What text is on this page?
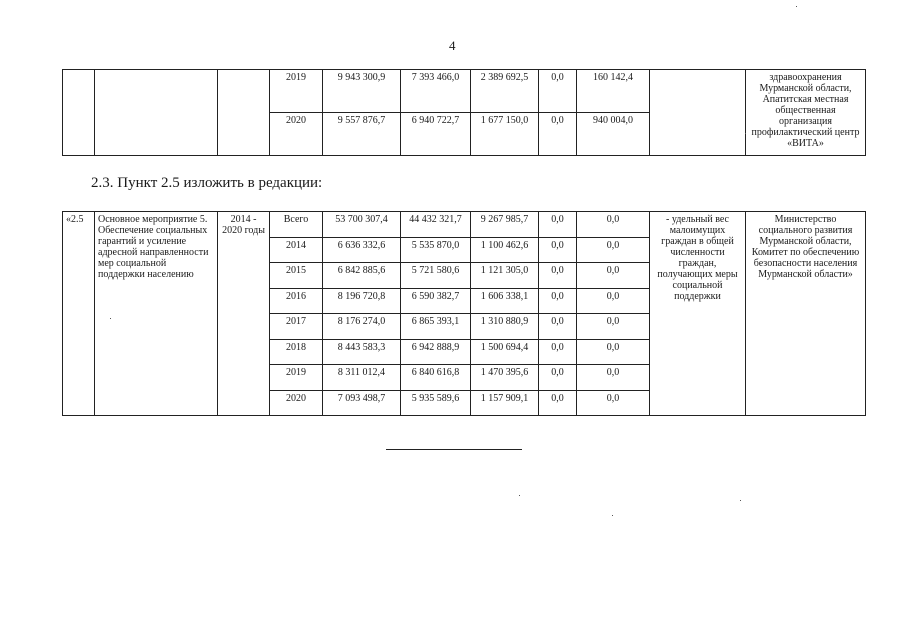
4
			2019	9 943 300,9	7 393 466,0	2 389 692,5	0,0	160 142,4		здравоохранения Мурманской области, Апатитская местная общественная организация профилактический центр «ВИТА»
			2020	9 557 876,7	6 940 722,7	1 677 150,0	0,0	940 004,0		
2.3. Пункт 2.5 изложить в редакции:
«2.5	Основное мероприятие 5. Обеспечение социальных гарантий и усиление адресной направленности мер социальной поддержки населению	2014 - 2020 годы	Всего	53 700 307,4	44 432 321,7	9 267 985,7	0,0	0,0	- удельный вес малоимущих граждан в общей численности граждан, получающих меры социальной поддержки	Министерство социального развития Мурманской области, Комитет по обеспечению безопасности населения Мурманской области»
			2014	6 636 332,6	5 535 870,0	1 100 462,6	0,0	0,0		
			2015	6 842 885,6	5 721 580,6	1 121 305,0	0,0	0,0		
			2016	8 196 720,8	6 590 382,7	1 606 338,1	0,0	0,0		
			2017	8 176 274,0	6 865 393,1	1 310 880,9	0,0	0,0		
			2018	8 443 583,3	6 942 888,9	1 500 694,4	0,0	0,0		
			2019	8 311 012,4	6 840 616,8	1 470 395,6	0,0	0,0		
			2020	7 093 498,7	5 935 589,6	1 157 909,1	0,0	0,0		
